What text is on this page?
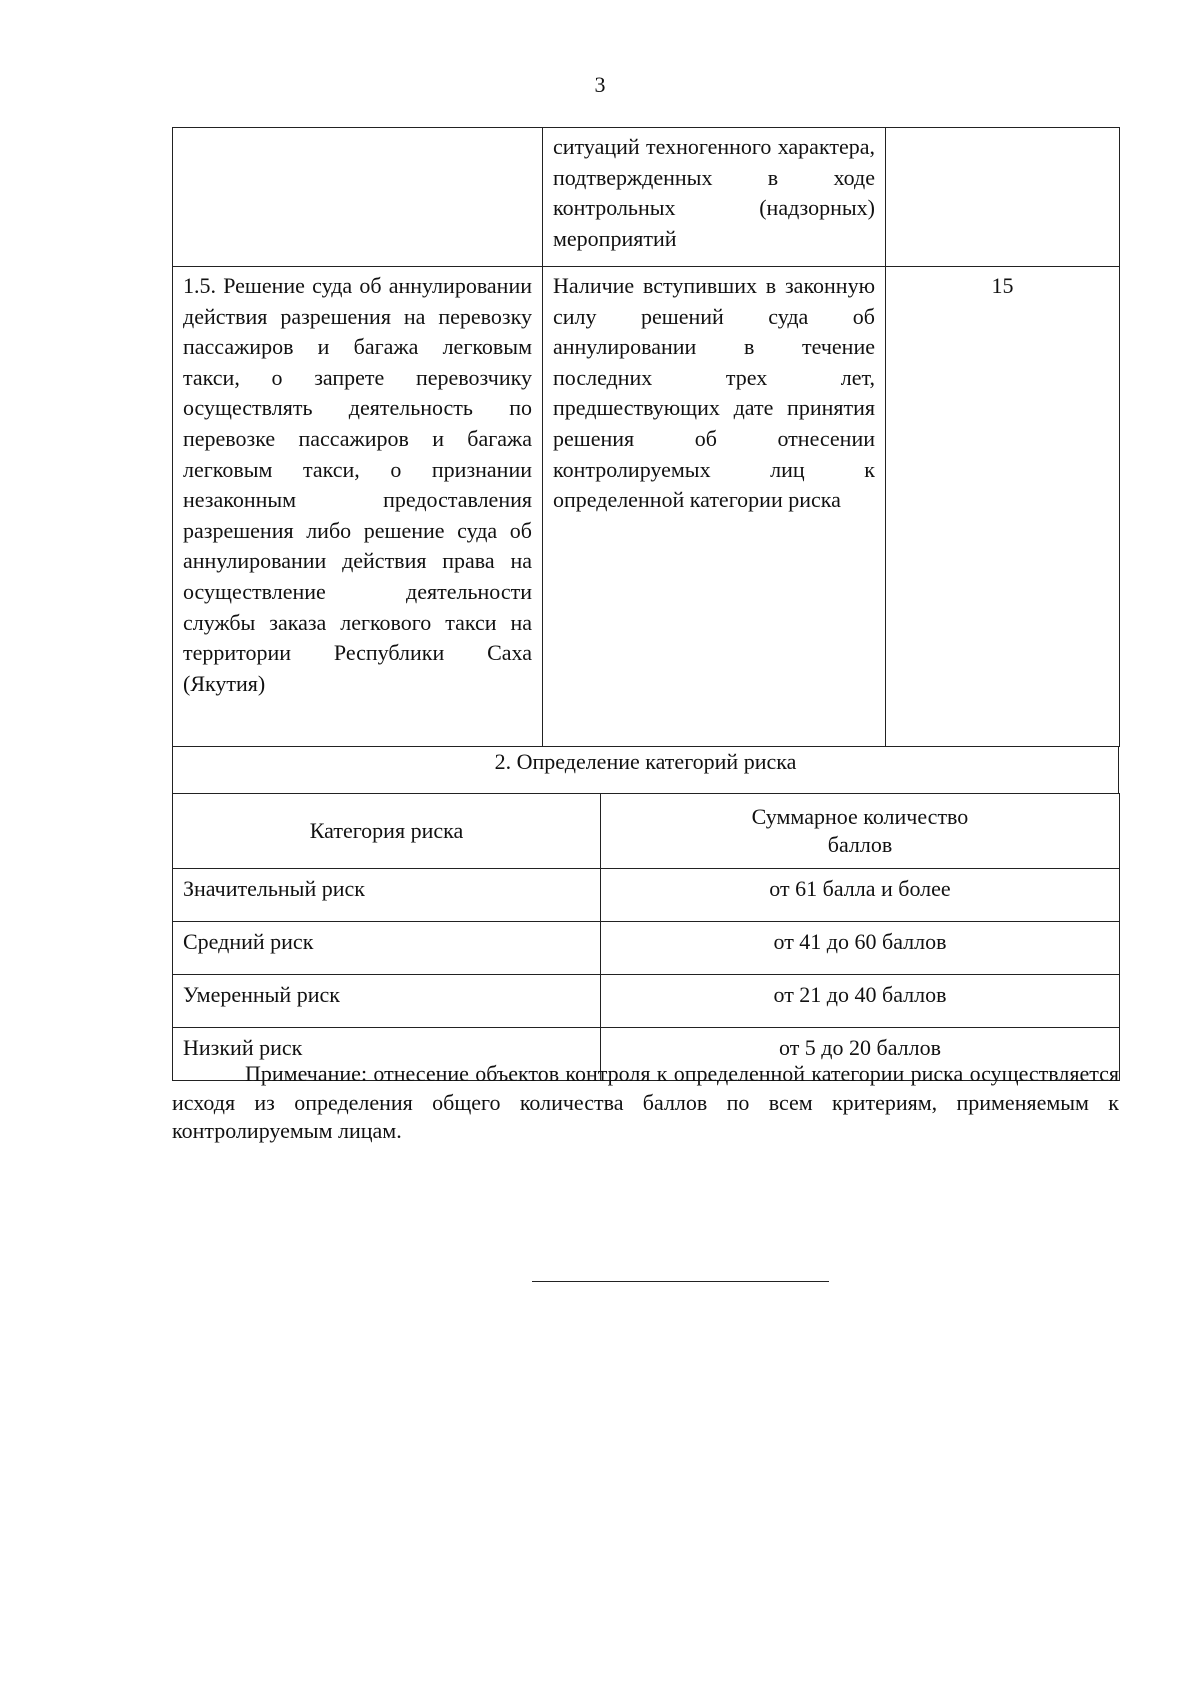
3
	ситуаций техногенного характера, подтвержденных в ходе контрольных (надзорных) мероприятий	
1.5. Решение суда об аннулировании действия разрешения на перевозку пассажиров и багажа легковым такси, о запрете перевозчику осуществлять деятельность по перевозке пассажиров и багажа легковым такси, о признании незаконным предоставления разрешения либо решение суда об аннулировании действия права на осуществление деятельности службы заказа легкового такси на территории Республики Саха (Якутия)	Наличие вступивших в законную силу решений суда об аннулировании в течение последних трех лет, предшествующих дате принятия решения об отнесении контролируемых лиц к определенной категории риска	15
2. Определение категорий риска
Категория риска	Суммарное количество
баллов
Значительный риск	от 61 балла и более
Средний риск	от 41 до 60 баллов
Умеренный риск	от 21 до 40 баллов
Низкий риск	от 5 до 20 баллов
Примечание: отнесение объектов контроля к определенной категории риска осуществляется исходя из определения общего количества баллов по всем критериям, применяемым к контролируемым лицам.
